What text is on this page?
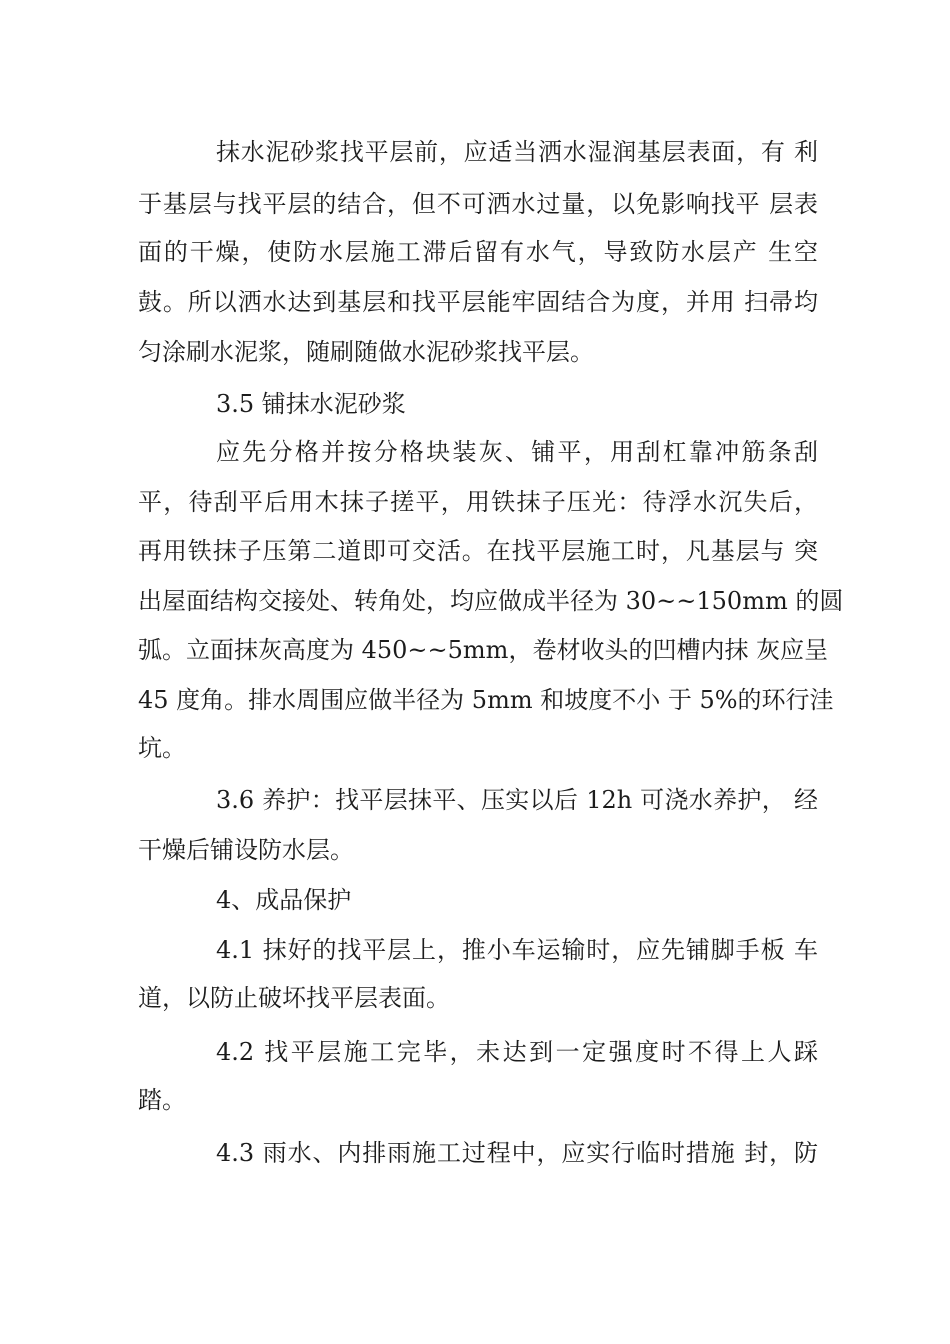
抹水泥砂浆找平层前，应适当洒水湿润基层表面，有 利
于基层与找平层的结合，但不可洒水过量，以免影响找平 层表
面的干燥，使防水层施工滞后留有水气，导致防水层产 生空
鼓。所以洒水达到基层和找平层能牢固结合为度，并用 扫帚均
匀涂刷水泥浆，随刷随做水泥砂浆找平层。
3.5 铺抹水泥砂浆
应先分格并按分格块装灰、铺平，用刮杠靠冲筋条刮
平，待刮平后用木抹子搓平，用铁抹子压光：待浮水沉失后，
再用铁抹子压第二道即可交活。在找平层施工时，凡基层与 突
出屋面结构交接处、转角处，均应做成半径为 30~~150mm 的圆
弧。立面抹灰高度为 450~~5mm，卷材收头的凹槽内抹 灰应呈
45 度角。排水周围应做半径为 5mm 和坡度不小 于 5%的环行洼
坑。
3.6 养护：找平层抹平、压实以后 12h 可浇水养护， 经
干燥后铺设防水层。
4、成品保护
4.1 抹好的找平层上，推小车运输时，应先铺脚手板 车
道，以防止破坏找平层表面。
4.2 找平层施工完毕，未达到一定强度时不得上人踩
踏。
4.3 雨水、内排雨施工过程中，应实行临时措施 封，防
